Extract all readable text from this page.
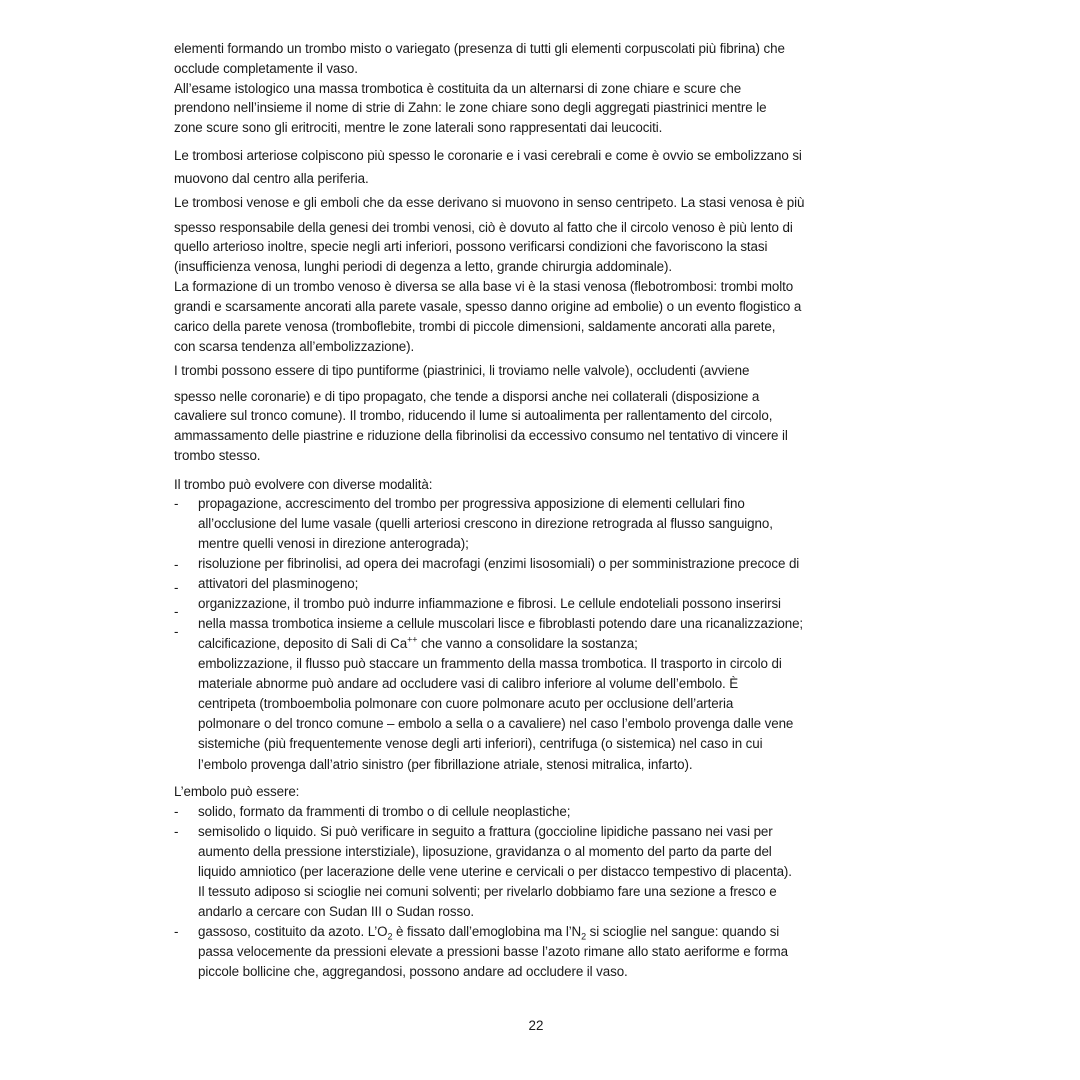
elementi formando un trombo misto o variegato (presenza di tutti gli elementi corpuscolati più fibrina) che
occlude completamente il vaso.
All’esame istologico una massa trombotica è costituita da un alternarsi di zone chiare e scure che
prendono nell’insieme il nome di strie di Zahn: le zone chiare sono degli aggregati piastrinici mentre le
zone scure sono gli eritrociti, mentre le zone laterali sono rappresentati dai leucociti.
Le trombosi arteriose colpiscono più spesso le coronarie e i vasi cerebrali e come è ovvio se embolizzano si
muovono dal centro alla periferia.
Le trombosi venose e gli emboli che da esse derivano si muovono in senso centripeto. La stasi venosa è più
spesso responsabile della genesi dei trombi venosi, ciò è dovuto al fatto che il circolo venoso è più lento di
quello arterioso inoltre, specie negli arti inferiori, possono verificarsi condizioni che favoriscono la stasi
(insufficienza venosa, lunghi periodi di degenza a letto, grande chirurgia addominale).
La formazione di un trombo venoso è diversa se alla base vi è la stasi venosa (flebotrombosi: trombi molto
grandi e scarsamente ancorati alla parete vasale, spesso danno origine ad embolie) o un evento flogistico a
carico della parete venosa (tromboflebite, trombi di piccole dimensioni, saldamente ancorati alla parete,
con scarsa tendenza all’embolizzazione).
I trombi possono essere di tipo puntiforme (piastrinici, li troviamo nelle valvole), occludenti (avviene
spesso nelle coronarie) e di tipo propagato, che tende a disporsi anche nei collaterali (disposizione a
cavaliere sul tronco comune). Il trombo, riducendo il lume si autoalimenta per rallentamento del circolo,
ammassamento delle piastrine e riduzione della fibrinolisi da eccessivo consumo nel tentativo di vincere il
trombo stesso.
Il trombo può evolvere con diverse modalità:
- propagazione, accrescimento del trombo per progressiva apposizione di elementi cellulari fino
all’occlusione del lume vasale (quelli arteriosi crescono in direzione retrograda al flusso sanguigno,
mentre quelli venosi in direzione anterograda);
- risoluzione per fibrinolisi, ad opera dei macrofagi (enzimi lisosomiali) o per somministrazione precoce di
attivatori del plasminogeno;
-
organizzazione, il trombo può indurre infiammazione e fibrosi. Le cellule endoteliali possono inserirsi
-
nella massa trombotica insieme a cellule muscolari lisce e fibroblasti potendo dare una ricanalizzazione;
-
calcificazione, deposito di Sali di Ca++ che vanno a consolidare la sostanza;
embolizzazione, il flusso può staccare un frammento della massa trombotica. Il trasporto in circolo di
materiale abnorme può andare ad occludere vasi di calibro inferiore al volume dell’embolo. È
centripeta (tromboembolia polmonare con cuore polmonare acuto per occlusione dell’arteria
polmonare o del tronco comune – embolo a sella o a cavaliere) nel caso l’embolo provenga dalle vene
sistemiche (più frequentemente venose degli arti inferiori), centrifuga (o sistemica) nel caso in cui
l’embolo provenga dall’atrio sinistro (per fibrillazione atriale, stenosi mitralica, infarto).
L’embolo può essere:
- solido, formato da frammenti di trombo o di cellule neoplastiche;
- semisolido o liquido. Si può verificare in seguito a frattura (goccioline lipidiche passano nei vasi per
aumento della pressione interstiziale), liposuzione, gravidanza o al momento del parto da parte del
liquido amniotico (per lacerazione delle vene uterine e cervicali o per distacco tempestivo di placenta).
Il tessuto adiposo si scioglie nei comuni solventi; per rivelarlo dobbiamo fare una sezione a fresco e
andarlo a cercare con Sudan III o Sudan rosso.
- gassoso, costituito da azoto. $L’O_2$ è fissato dall’emoglobina ma $l’N_2$ si scioglie nel sangue: quando si
passa velocemente da pressioni elevate a pressioni basse l’azoto rimane allo stato aeriforme e forma
piccole bollicine che, aggregandosi, possono andare ad occludere il vaso.
22
